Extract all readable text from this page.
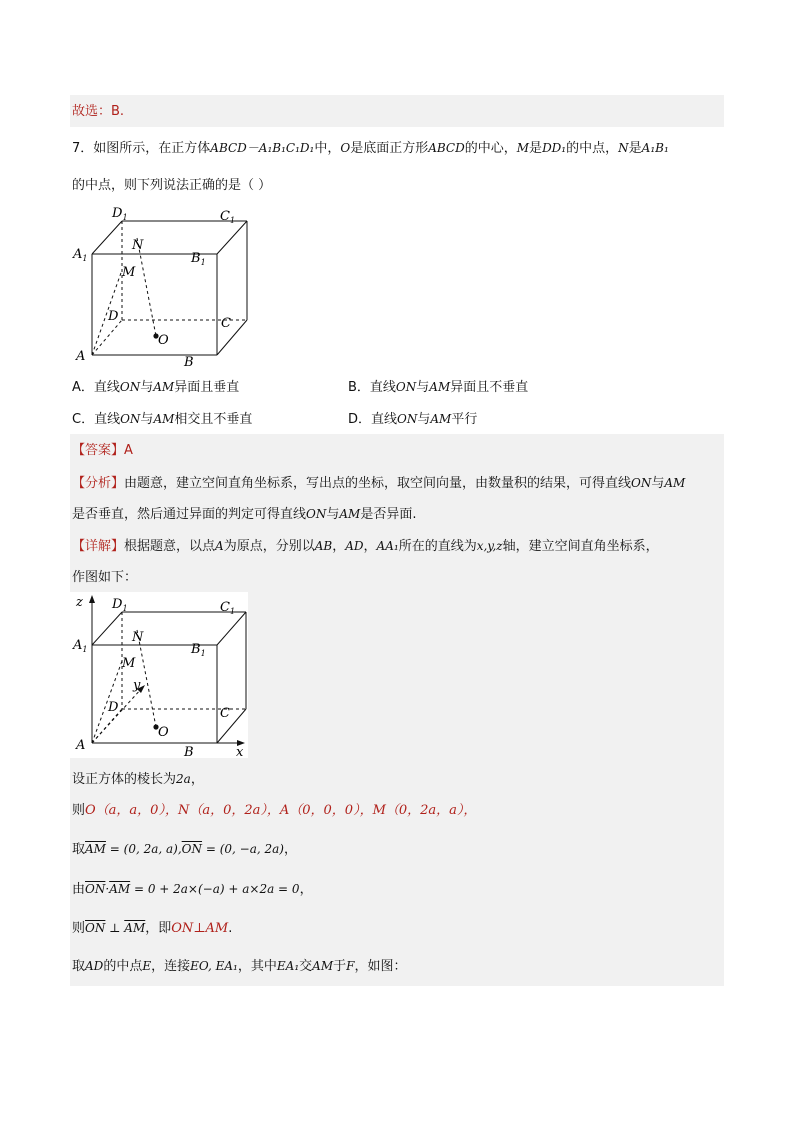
故选：B.
7．如图所示，在正方体ABCD－A₁B₁C₁D₁中，O是底面正方形ABCD的中心，M是DD₁的中点，N是A₁B₁
的中点，则下列说法正确的是（ ）
$D_1$	$C_1$
$A_1$	$B_1$
N
M
D	C
A	B
O
A．直线ON与AM异面且垂直	B．直线ON与AM异面且不垂直
C．直线ON与AM相交且不垂直	D．直线ON与AM平行
【答案】A
【分析】由题意，建立空间直角坐标系，写出点的坐标，取空间向量，由数量积的结果，可得直线ON与AM
是否垂直，然后通过异面的判定可得直线ON与AM是否异面.
【详解】根据题意，以点A为原点，分别以AB，AD，AA₁所在的直线为x,y,z轴，建立空间直角坐标系，
作图如下：
z
x
y
$D_1$	$C_1$
$A_1$	$B_1$
N
M
D	C
A	B
O
设正方体的棱长为2a，
则O（a，a，0），N（a，0，2a），A（0，0，0），M（0，2a，a），
取$\overline{AM} = (0$, 2a, $a),\overline{ON} = (0$, −a, 2a)，
由$\overline{ON}\cdot\overline{AM} = 0 + 2a\times(-a) + a\times 2a = 0$，
则$\overline{ON}$ ⊥ $\overline{AM}$，即ON⊥AM.
取AD的中点E，连接EO, EA₁，其中EA₁交AM于F，如图：
